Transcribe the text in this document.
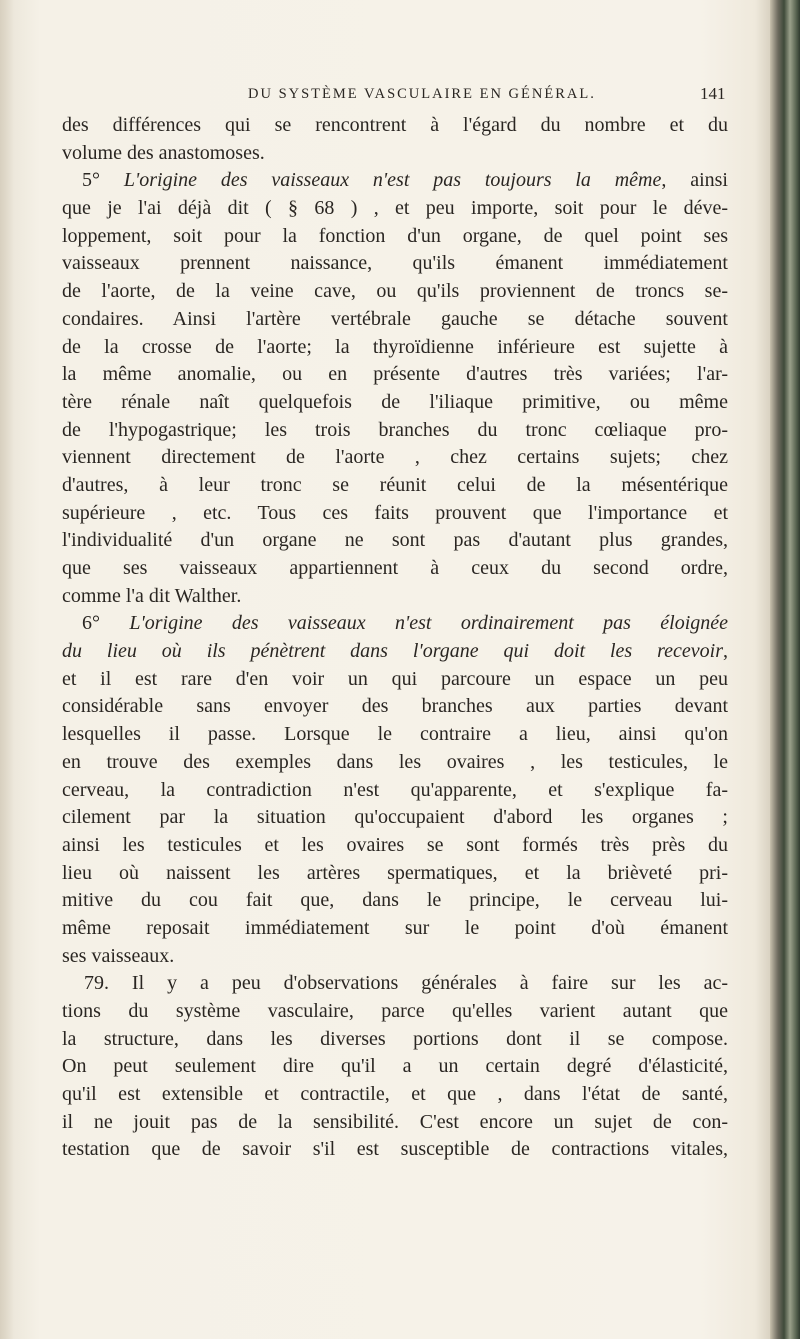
DU SYSTÈME VASCULAIRE EN GÉNÉRAL.	141
des différences qui se rencontrent à l'égard du nombre et du
volume des anastomoses.
5° L'origine des vaisseaux n'est pas toujours la même, ainsi
que je l'ai déjà dit ( § 68 ) , et peu importe, soit pour le déve-
loppement, soit pour la fonction d'un organe, de quel point ses
vaisseaux prennent naissance, qu'ils émanent immédiatement
de l'aorte, de la veine cave, ou qu'ils proviennent de troncs se-
condaires. Ainsi l'artère vertébrale gauche se détache souvent
de la crosse de l'aorte; la thyroïdienne inférieure est sujette à
la même anomalie, ou en présente d'autres très variées; l'ar-
tère rénale naît quelquefois de l'iliaque primitive, ou même
de l'hypogastrique; les trois branches du tronc cœliaque pro-
viennent directement de l'aorte , chez certains sujets; chez
d'autres, à leur tronc se réunit celui de la mésentérique
supérieure , etc. Tous ces faits prouvent que l'importance et
l'individualité d'un organe ne sont pas d'autant plus grandes,
que ses vaisseaux appartiennent à ceux du second ordre,
comme l'a dit Walther.
6° L'origine des vaisseaux n'est ordinairement pas éloignée
du lieu où ils pénètrent dans l'organe qui doit les recevoir,
et il est rare d'en voir un qui parcoure un espace un peu
considérable sans envoyer des branches aux parties devant
lesquelles il passe. Lorsque le contraire a lieu, ainsi qu'on
en trouve des exemples dans les ovaires , les testicules, le
cerveau, la contradiction n'est qu'apparente, et s'explique fa-
cilement par la situation qu'occupaient d'abord les organes ;
ainsi les testicules et les ovaires se sont formés très près du
lieu où naissent les artères spermatiques, et la brièveté pri-
mitive du cou fait que, dans le principe, le cerveau lui-
même reposait immédiatement sur le point d'où émanent
ses vaisseaux.
79. Il y a peu d'observations générales à faire sur les ac-
tions du système vasculaire, parce qu'elles varient autant que
la structure, dans les diverses portions dont il se compose.
On peut seulement dire qu'il a un certain degré d'élasticité,
qu'il est extensible et contractile, et que , dans l'état de santé,
il ne jouit pas de la sensibilité. C'est encore un sujet de con-
testation que de savoir s'il est susceptible de contractions vitales,
